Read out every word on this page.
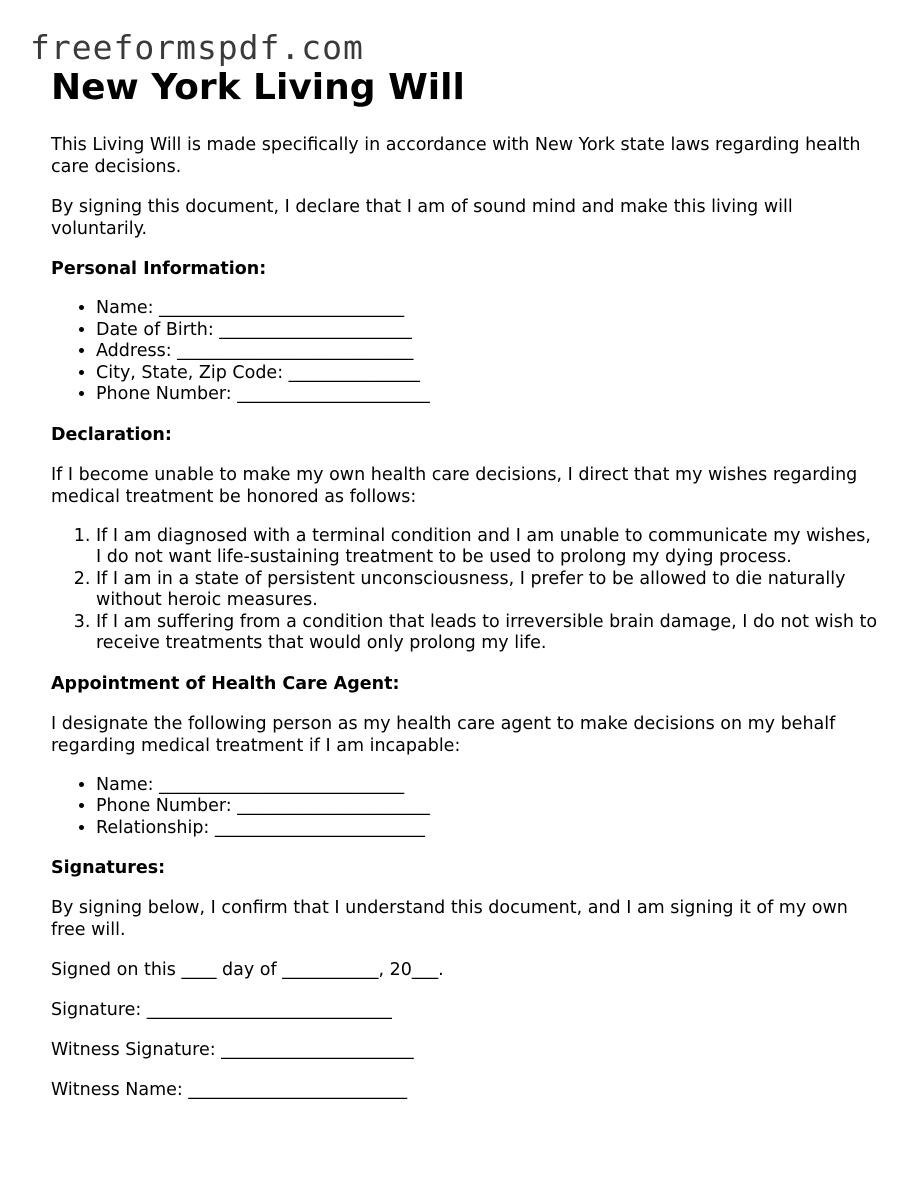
freeformspdf.com
New York Living Will

This Living Will is made specifically in accordance with New York state laws regarding health care decisions.

By signing this document, I declare that I am of sound mind and make this living will voluntarily.

Personal Information:

• Name: ____________________________
• Date of Birth: ______________________
• Address: ___________________________
• City, State, Zip Code: _______________
• Phone Number: ______________________

Declaration:

If I become unable to make my own health care decisions, I direct that my wishes regarding medical treatment be honored as follows:

1. If I am diagnosed with a terminal condition and I am unable to communicate my wishes, I do not want life-sustaining treatment to be used to prolong my dying process.
2. If I am in a state of persistent unconsciousness, I prefer to be allowed to die naturally without heroic measures.
3. If I am suffering from a condition that leads to irreversible brain damage, I do not wish to receive treatments that would only prolong my life.

Appointment of Health Care Agent:

I designate the following person as my health care agent to make decisions on my behalf regarding medical treatment if I am incapable:

• Name: ____________________________
• Phone Number: ______________________
• Relationship: ________________________

Signatures:

By signing below, I confirm that I understand this document, and I am signing it of my own free will.

Signed on this ____ day of ___________, 20___.

Signature: ____________________________

Witness Signature: ______________________

Witness Name: _________________________
